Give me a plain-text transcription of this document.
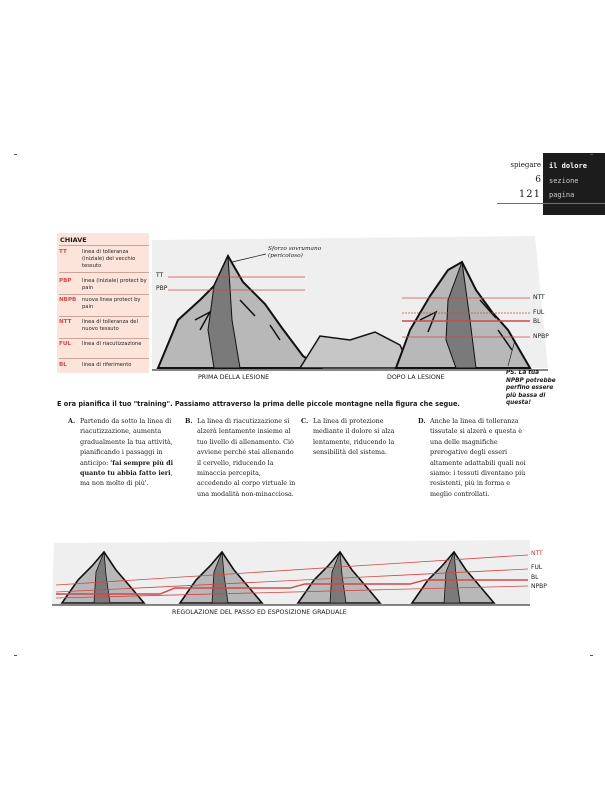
spiegare
6
121
il dolore
sezione
pagina
Sforzo sovrumano (pericoloso)
TT
PBP
NTT
FUL
BL
NPBP
PRIMA DELLA LESIONE	DOPO LA LESIONE
PS. La tua NPBP potrebbe perfino essere più bassa di questa!
CHIAVE
TT	linea di tolleranza (iniziale) del vecchio tessuto
PBP linea (iniziale) protect by pain
NBPB nuova linea protect by pain
NTT linea di tolleranza del nuovo tessuto
FUL linea di riacutizzazione
BL	linea di riferimento
E ora pianifica il tuo "training". Passiamo attraverso la prima delle piccole montagne nella figura che segue.
A. Partendo da sotto la linea di riacutizzazione, aumenta gradualmente la tua attività, pianificando i passaggi in anticipo: 'fai sempre più di quanto tu abbia fatto ieri, ma non molto di più'.
B. La linea di riacutizzazione si alzerà lentamente insieme al tuo livello di allenamento. Ciò avviene perché stai allenando il cervello, riducendo la minaccia percepita, accedendo al corpo virtuale in una modalità non-minacciosa.
C. La linea di protezione mediante il dolore si alza lentamente, riducendo la sensibilità del sistema.
D. Anche la linea di tolleranza tissutale si alzerà e questa è una delle magnifiche prerogative degli esseri altamente adattabili quali noi siamo: i tessuti diventano più resistenti, più in forma e meglio controllati.
NTT
FUL
BL
NPBP
REGOLAZIONE DEL PASSO ED ESPOSIZIONE GRADUALE
